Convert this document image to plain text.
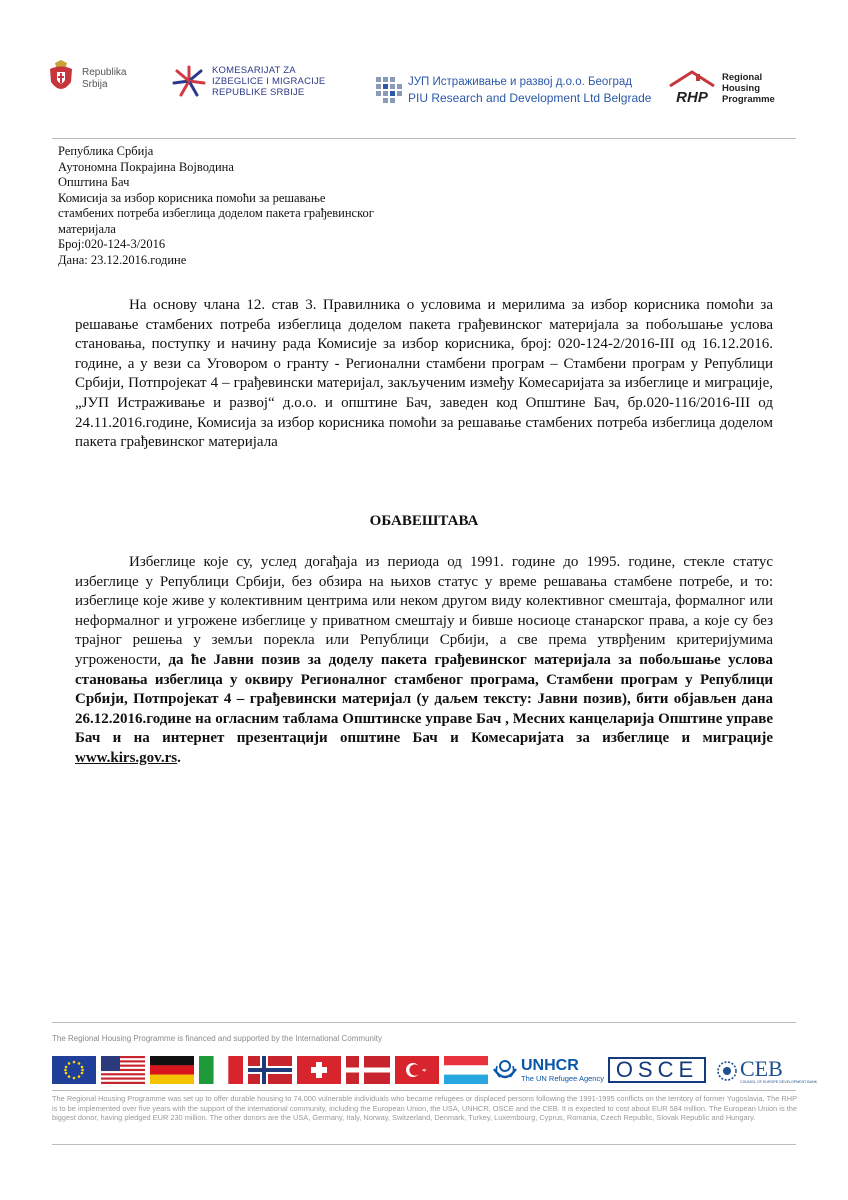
Republika
Srbija
KOMESARIJAT ZA
IZBEGLICE I MIGRACIJE
REPUBLIKE SRBIJE
ЈУП Истраживање и развој д.о.о. Београд
PIU Research and Development Ltd Belgrade RHP
Regional
Housing
Programme
Република Србија
Аутономна Покрајина Војводина
Општина Бач
Комисија за избор корисника помоћи за решавање
стамбених потреба избеглица доделом пакета грађевинског
материјала
Број:020-124-3/2016
Дана: 23.12.2016.године
На основу члана 12. став 3. Правилника о условима и мерилима за избор корисника помоћи за решавање стамбених потреба избеглица доделом пакета грађевинског материјала за побољшање услова становања, поступку и начину рада Комисије за избор корисника, број: 020-124-2/2016-III од 16.12.2016. године, а у вези са Уговором о гранту - Регионални стамбени програм – Стамбени програм у Републици Србији, Потпројекат 4 – грађевински материјал, закљученим између Комесаријата за избеглице и миграције, „ЈУП Истраживање и развој“ д.о.о. и општине Бач, заведен код Општине Бач, бр.020-116/2016-III од 24.11.2016.године, Комисија за избор корисника помоћи за решавање стамбених потреба избеглица доделом пакета грађевинског материјала
ОБАВЕШТАВА
Избеглице које су, услед догађаја из периода од 1991. године до 1995. године, стекле статус избеглице у Републици Србији, без обзира на њихов статус у време решавања стамбене потребе, и то: избеглице које живе у колективним центрима или неком другом виду колективног смештаја, формалног или неформалног и угрожене избеглице у приватном смештају и бивше носиоце станарског права, а које су без трајног решења у земљи порекла или Републици Србији, а све према утврђеним критеријумима угрожености, да ће Јавни позив за доделу пакета грађевинског материјала за побољшање услова становања избеглица у оквиру Регионалног стамбеног програма, Стамбени програм у Републици Србији, Потпројекат 4 – грађевински материјал (у даљем тексту: Јавни позив), бити објављен дана 26.12.2016.године на огласним таблама Општинске управе Бач , Месних канцеларија Општине управе Бач и на интернет презентацији општине Бач и Комесаријата за избеглице и миграције www.kirs.gov.rs.
The Regional Housing Programme is financed and supported by the International Community
UNHCR
The UN Refugee Agency OSCE	CEB
COUNCIL OF EUROPE DEVELOPMENT BANK
The Regional Housing Programme was set up to offer durable housing to 74,000 vulnerable individuals who became refugees or displaced persons following the 1991-1995 conflicts on the territory of former Yugoslavia. The RHP is to be implemented over five years with the support of the international community, including the European Union, the USA, UNHCR, OSCE and the CEB. It is expected to cost about EUR 584 million. The European Union is the biggest donor, having pledged EUR 230 million. The other donors are the USA, Germany, Italy, Norway, Switzerland, Denmark, Turkey, Luxembourg, Cyprus, Romania, Czech Republic, Slovak Republic and Hungary.
